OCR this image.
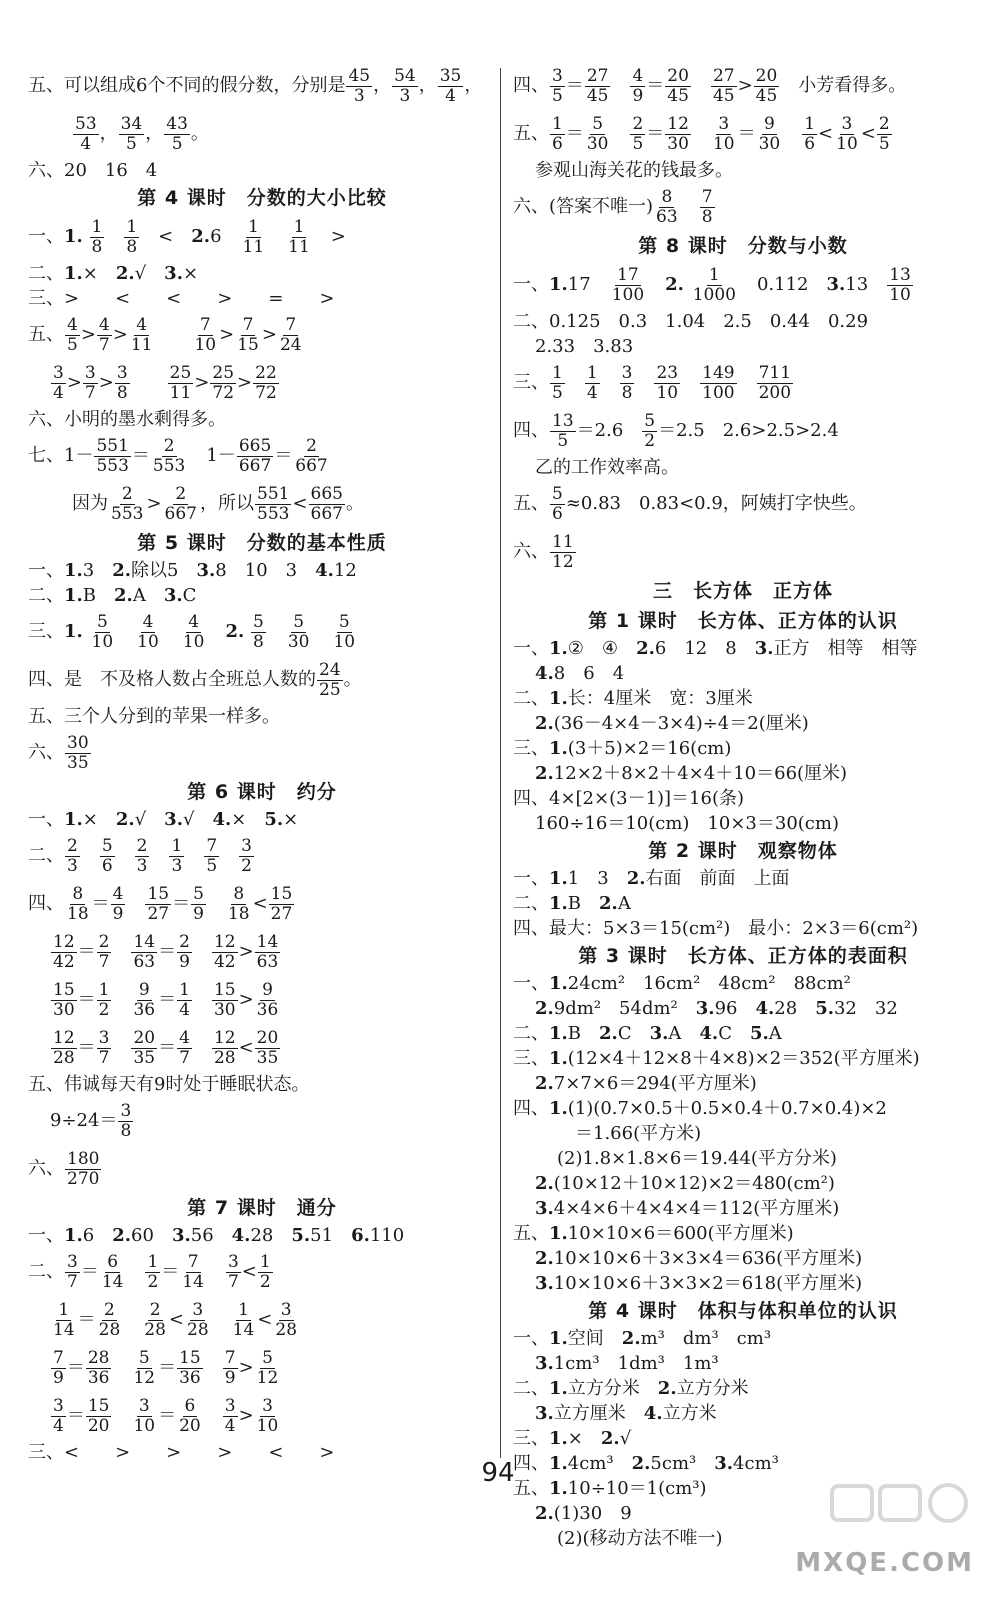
五、可以组成6个不同的假分数，分别是 $\frac{45}{3}$ ， $\frac{54}{3}$ ， $\frac{35}{4}$ ，
$\frac{53}{4}$ ， $\frac{34}{5}$ ， $\frac{43}{5}$ 。
六、20　16　4
第 4 课时　分数的大小比较
一、1. $\frac{1}{8}$
　 $\frac{1}{8}$ 　<　2.6　 $\frac{1}{11}$
　 $\frac{1}{11}$ 　>
二、1.×　2.√　3.×
三、>　　<　　<　　>　　=　　>
五、 $\frac{4}{5} > \frac{4}{7} > \frac{4}{11}$
　　 $\frac{7}{10} > \frac{7}{15} > \frac{7}{24}$
$\frac{3}{4} > \frac{3}{7} > \frac{3}{8}$
　　 $\frac{25}{11} > \frac{25}{72} > \frac{22}{72}$
六、小明的墨水剩得多。
七、$1- \frac{551}{553} = \frac{2}{553}$ 　$1- \frac{665}{667} = \frac{2}{667}$
因为 $\frac{2}{553} > \frac{2}{667}$ ，所以 $\frac{551}{553} < \frac{665}{667}$ 。
第 5 课时　分数的基本性质
一、1.3　2.除以5　3.8　10　3　4.12
二、1.B　2.A　3.C
三、1. $\frac{5}{10}$
　 $\frac{4}{10}$
　 $\frac{4}{10}$
　 2. $\frac{5}{8}$
　 $\frac{5}{30}$
　 $\frac{5}{10}$
四、是　不及格人数占全班总人数的 $\frac{24}{25}$ 。
五、三个人分到的苹果一样多。
六、 $\frac{30}{35}$
第 6 课时　约分
一、1.×　2.√　3.√　4.×　5.×
二、 $\frac{2}{3}$
　 $\frac{5}{6}$
　 $\frac{2}{3}$
　 $\frac{1}{3}$
　 $\frac{7}{5}$
　 $\frac{3}{2}$
四、 $\frac{8}{18} = \frac{4}{9}$
　 $\frac{15}{27} = \frac{5}{9}$
　 $\frac{8}{18} < \frac{15}{27}$
$\frac{12}{42} = \frac{2}{7}$
　 $\frac{14}{63} = \frac{2}{9}$
　 $\frac{12}{42} > \frac{14}{63}$
$\frac{15}{30} = \frac{1}{2}$
　 $\frac{9}{36} = \frac{1}{4}$
　 $\frac{15}{30} > \frac{9}{36}$
$\frac{12}{28} = \frac{3}{7}$
　 $\frac{20}{35} = \frac{4}{7}$
　 $\frac{12}{28} < \frac{20}{35}$
五、伟诚每天有9时处于睡眠状态。
$9\div 24= \frac{3}{8}$
六、 $\frac{180}{270}$
第 7 课时　通分
一、1.6　2.60　3.56　4.28　5.51　6.110
二、 $\frac{3}{7} = \frac{6}{14}$
　 $\frac{1}{2} = \frac{7}{14}$
　 $\frac{3}{7} < \frac{1}{2}$
$\frac{1}{14} = \frac{2}{28}$
　 $\frac{2}{28} < \frac{3}{28}$
　 $\frac{1}{14} < \frac{3}{28}$
$\frac{7}{9} = \frac{28}{36}$
　 $\frac{5}{12} = \frac{15}{36}$
　 $\frac{7}{9} > \frac{5}{12}$
$\frac{3}{4} = \frac{15}{20}$
　 $\frac{3}{10} = \frac{6}{20}$
　 $\frac{3}{4} > \frac{3}{10}$
三、<　　>　　>　　>　　<　　>
四、 $\frac{3}{5} = \frac{27}{45}$
　 $\frac{4}{9} = \frac{20}{45}$
　 $\frac{27}{45} > \frac{20}{45}$ 　小芳看得多。
五、 $\frac{1}{6} = \frac{5}{30}$
　 $\frac{2}{5} = \frac{12}{30}$
　 $\frac{3}{10} = \frac{9}{30}$
　 $\frac{1}{6} < \frac{3}{10} < \frac{2}{5}$
参观山海关花的钱最多。
六、(答案不唯一) $\frac{8}{63}$
　 $\frac{7}{8}$
第 8 课时　分数与小数
一、1.17　 $\frac{17}{100}$
　 2. $\frac{1}{1000}$ 　0.112　3.13　 $\frac{13}{10}$
二、0.125　0.3　1.04　2.5　0.44　0.29
2.33　3.83
三、 $\frac{1}{5}$
　 $\frac{1}{4}$
　 $\frac{3}{8}$
　 $\frac{23}{10}$
　 $\frac{149}{100}$
　 $\frac{711}{200}$
四、 $\frac{13}{5} =2.6$　 $\frac{5}{2} =2.5$　2.6>2.5>2.4
乙的工作效率高。
五、 $\frac{5}{6} \approx 0.83$　0.83<0.9，阿姨打字快些。
六、 $\frac{11}{12}$
三　长方体　正方体
第 1 课时　长方体、正方体的认识
一、1.②　④　2.6　12　8　3.正方　相等　相等
4.8　6　4
二、1.长：4厘米　宽：3厘米
2.(36－4×4－3×4)÷4＝2(厘米)
三、1.(3＋5)×2＝16(cm)
2.12×2＋8×2＋4×4＋10＝66(厘米)
四、4×[2×(3－1)]＝16(条)
160÷16＝10(cm)　10×3＝30(cm)
第 2 课时　观察物体
一、1.1　3　2.右面　前面　上面
二、1.B　2.A
四、最大：5×3＝15(cm²)　最小：2×3＝6(cm²)
第 3 课时　长方体、正方体的表面积
一、1.24cm²　16cm²　48cm²　88cm²
2.9dm²　54dm²　3.96　4.28　5.32　32
二、1.B　2.C　3.A　4.C　5.A
三、1.(12×4＋12×8＋4×8)×2＝352(平方厘米)
2.7×7×6＝294(平方厘米)
四、1.(1)(0.7×0.5＋0.5×0.4＋0.7×0.4)×2
＝1.66(平方米)
(2)1.8×1.8×6＝19.44(平方分米)
2.(10×12＋10×12)×2＝480(cm²)
3.4×4×6＋4×4×4＝112(平方厘米)
五、1.10×10×6＝600(平方厘米)
2.10×10×6＋3×3×4＝636(平方厘米)
3.10×10×6＋3×3×2＝618(平方厘米)
第 4 课时　体积与体积单位的认识
一、1.空间　2.m³　dm³　cm³
3.1cm³　1dm³　1m³
二、1.立方分米　2.立方分米
3.立方厘米　4.立方米
三、1.×　2.√
四、1.4cm³　2.5cm³　3.4cm³
五、1.10÷10＝1(cm³)
2.(1)30　9
(2)(移动方法不唯一)
94
MXQE.COM
